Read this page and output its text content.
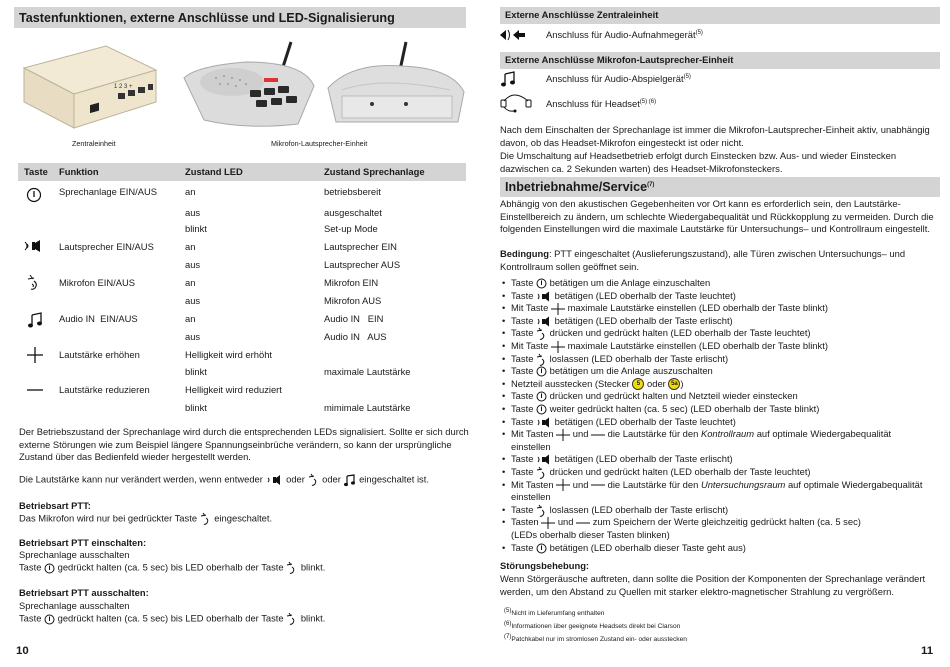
Tastenfunktionen, externe Anschlüsse und LED-Signalisierung
1 2 3 +
Zentraleinheit	Mikrofon-Lautsprecher-Einheit
Taste Funktion	Zustand LED	Zustand Sprechanlage
Sprechanlage EIN/AUS	an	betriebsbereit
aus	ausgeschaltet
blinkt	Set-up Mode
Lautsprecher EIN/AUS	an	Lautsprecher EIN
aus	Lautsprecher AUS
Mikrofon EIN/AUS	an	Mikrofon EIN
aus	Mikrofon AUS
Audio IN  EIN/AUS	an	Audio IN   EIN
aus	Audio IN   AUS
Lautstärke erhöhen	Helligkeit wird erhöht
blinkt	maximale Lautstärke
Lautstärke reduzieren	Helligkeit wird reduziert
blinkt	mimimale Lautstärke
Der Betriebszustand der Sprechanlage wird durch die entsprechenden LEDs signalisiert. Sollte er sich durch externe Störungen wie zum Beispiel längere Spannungseinbrüche verändern, so kann der ursprüngliche Zustand über das Bedienfeld wieder hergestellt werden.
Die Lautstärke kann nur verändert werden, wenn entweder oder oder eingeschaltet ist.
Betriebsart PTT:
Das Mikrofon wird nur bei gedrückter Taste eingeschaltet.
Betriebsart PTT einschalten:
Sprechanlage ausschalten
Taste gedrückt halten (ca. 5 sec) bis LED oberhalb der Taste blinkt.
Betriebsart PTT ausschalten:
Sprechanlage ausschalten
Taste gedrückt halten (ca. 5 sec) bis LED oberhalb der Taste blinkt.
10
Externe Anschlüsse Zentraleinheit
Anschluss für Audio-Aufnahmegerät$^{(5)}$
Externe Anschlüsse Mikrofon-Lautsprecher-Einheit
Anschluss für Audio-Abspielgerät$^{(5)}$
Anschluss für Headset$^{(5) (6)}$
Nach dem Einschalten der Sprechanlage ist immer die Mikrofon-Lautsprecher-Einheit aktiv, unabhängig davon, ob das Headset-Mikrofon eingesteckt ist oder nicht.
Die Umschaltung auf Headsetbetrieb erfolgt durch Einstecken bzw. Aus- und wieder Einstecken dazwischen ca. 2 Sekunden warten) des Headset-Mikrofonsteckers.
Inbetriebnahme/Service$^{(7)}$
Abhängig von den akustischen Gegebenheiten vor Ort kann es erforderlich sein, den Lautstärke-Einstellbereich zu ändern, um schlechte Wiedergabequalität und Rückkopplung zu vermeiden. Durch die folgenden Einstellungen wird die maximale Lautstärke für Untersuchungs– und Kontrollraum eingestellt.
Bedingung: PTT eingeschaltet (Auslieferungszustand), alle Türen zwischen Untersuchungs– und Kontrollraum sollen geöffnet sein.
Störungsbehebung:
Wenn Störgeräusche auftreten, dann sollte die Position der Komponenten der Sprechanlage verändert werden, um den Abstand zu Quellen mit starker elektro-magnetischer Strahlung zu vergrößern.
11
• Taste betätigen um die Anlage einzuschalten
• Taste betätigen (LED oberhalb der Taste leuchtet)
• Mit Taste maximale Lautstärke einstellen (LED oberhalb der Taste blinkt)
• Taste betätigen (LED oberhalb der Taste erlischt)
• Taste drücken und gedrückt halten (LED oberhalb der Taste leuchtet)
• Mit Taste maximale Lautstärke einstellen (LED oberhalb der Taste blinkt)
• Taste loslassen (LED oberhalb der Taste erlischt)
• Taste betätigen um die Anlage auszuschalten
• Netzteil ausstecken (Stecker 5 oder 5a )
• Taste drücken und gedrückt halten und Netzteil wieder einstecken
• Taste weiter gedrückt halten (ca. 5 sec) (LED oberhalb der Taste blinkt)
• Taste betätigen (LED oberhalb der Taste leuchtet)
• Mit Tasten und  die Lautstärke für den Kontrollraum auf optimale Wiedergabequalität
einstellen
• Taste betätigen (LED oberhalb der Taste erlischt)
• Taste drücken und gedrückt halten (LED oberhalb der Taste leuchtet)
• Mit Tasten und  die Lautstärke für den Untersuchungsraum auf optimale Wiedergabequalität
einstellen
• Taste loslassen (LED oberhalb der Taste erlischt)
• Tasten und  zum Speichern der Werte gleichzeitig gedrückt halten (ca. 5 sec)
(LEDs oberhalb dieser Tasten blinken)
• Taste betätigen (LED oberhalb dieser Taste geht aus)
$^{(5)}$Nicht im Lieferumfang enthalten
$^{(6)}$Informationen über geeignete Headsets direkt bei Clarson
$^{(7)}$Patchkabel nur im stromlosen Zustand ein- oder ausstecken
